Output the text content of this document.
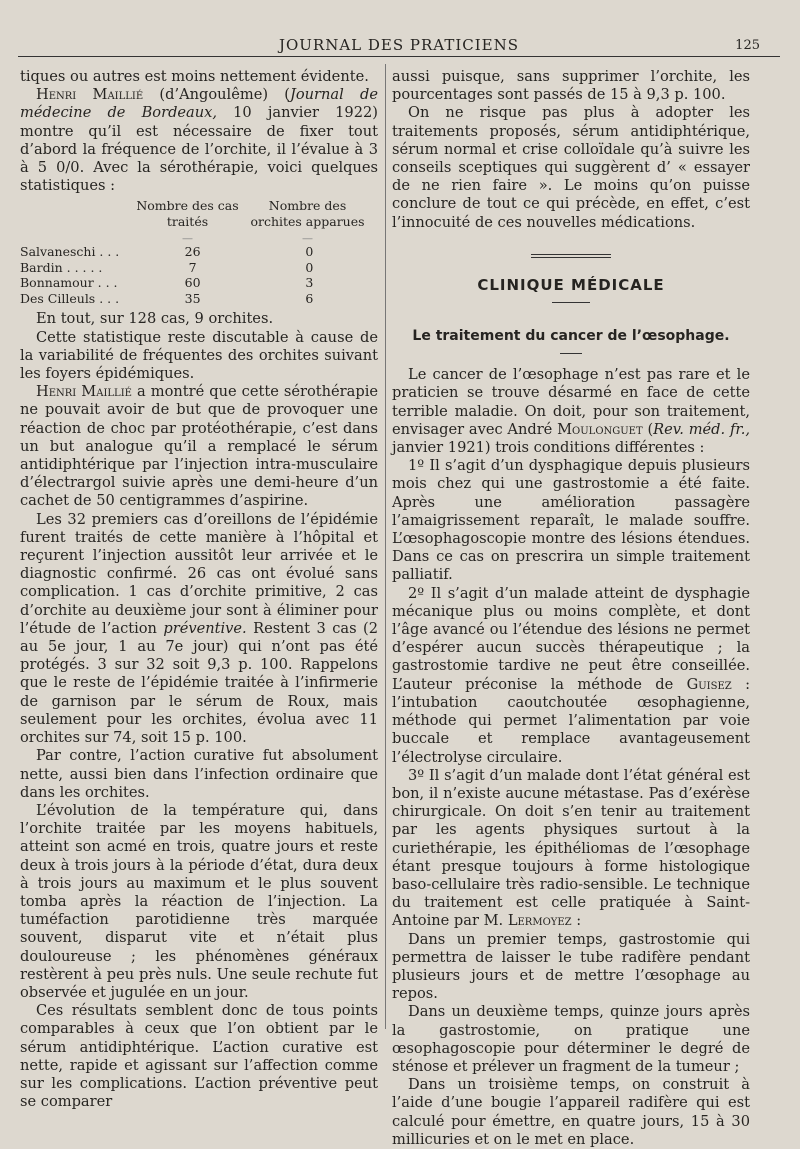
JOURNAL DES PRATICIENS	125

tiques ou autres est moins nettement évidente.

Henri Maillié (d’Angoulême) (Journal de médecine de Bordeaux, 10 janvier 1922) montre qu’il est nécessaire de fixer tout d’abord la fréquence de l’orchite, il l’évalue à 3 à 5 0/0. Avec la sérothérapie, voici quelques statistiques :

Nombre des cas traités
Nombre des orchites apparues
—	—
Salvaneschi . . .	26	0
Bardin . . . . .	7	0
Bonnamour . . .	60	3
Des Cilleuls . . .	35	6

En tout, sur 128 cas, 9 orchites.

Cette statistique reste discutable à cause de la variabilité de fréquentes des orchites suivant les foyers épidémiques.

Henri Maillié a montré que cette sérothérapie ne pouvait avoir de but que de provoquer une réaction de choc par protéothérapie, c’est dans un but analogue qu’il a remplacé le sérum antidiphtérique par l’injection intra-musculaire d’électrargol suivie après une demi-heure d’un cachet de 50 centigrammes d’aspirine.

Les 32 premiers cas d’oreillons de l’épidémie furent traités de cette manière à l’hôpital et reçurent l’injection aussitôt leur arrivée et le diagnostic confirmé. 26 cas ont évolué sans complication. 1 cas d’orchite primitive, 2 cas d’orchite au deuxième jour sont à éliminer pour l’étude de l’action préventive. Restent 3 cas (2 au 5e jour, 1 au 7e jour) qui n’ont pas été protégés. 3 sur 32 soit 9,3 p. 100. Rappelons que le reste de l’épidémie traitée à l’infirmerie de garnison par le sérum de Roux, mais seulement pour les orchites, évolua avec 11 orchites sur 74, soit 15 p. 100.

Par contre, l’action curative fut absolument nette, aussi bien dans l’infection ordinaire que dans les orchites.

L’évolution de la température qui, dans l’orchite traitée par les moyens habituels, atteint son acmé en trois, quatre jours et reste deux à trois jours à la période d’état, dura deux à trois jours au maximum et le plus souvent tomba après la réaction de l’injection. La tuméfaction parotidienne très marquée souvent, disparut vite et n’était plus douloureuse ; les phénomènes généraux restèrent à peu près nuls. Une seule rechute fut observée et jugulée en un jour.

Ces résultats semblent donc de tous points comparables à ceux que l’on obtient par le sérum antidiphtérique. L’action curative est nette, rapide et agissant sur l’affection comme sur les complications. L’action préventive peut se comparer

aussi puisque, sans supprimer l’orchite, les pourcentages sont passés de 15 à 9,3 p. 100.

On ne risque pas plus à adopter les traitements proposés, sérum antidiphtérique, sérum normal et crise colloïdale qu’à suivre les conseils sceptiques qui suggèrent d’ « essayer de ne rien faire ». Le moins qu’on puisse conclure de tout ce qui précède, en effet, c’est l’innocuité de ces nouvelles médications.

CLINIQUE MÉDICALE
Le traitement du cancer de l’œsophage.

Le cancer de l’œsophage n’est pas rare et le praticien se trouve désarmé en face de cette terrible maladie. On doit, pour son traitement, envisager avec André Moulonguet (Rev. méd. fr., janvier 1921) trois conditions différentes :

1º Il s’agit d’un dysphagique depuis plusieurs mois chez qui une gastrostomie a été faite. Après une amélioration passagère l’amaigrissement reparaît, le malade souffre. L’œsophagoscopie montre des lésions étendues. Dans ce cas on prescrira un simple traitement palliatif.

2º Il s’agit d’un malade atteint de dysphagie mécanique plus ou moins complète, et dont l’âge avancé ou l’étendue des lésions ne permet d’espérer aucun succès thérapeutique ; la gastrostomie tardive ne peut être conseillée. L’auteur préconise la méthode de Guisez : l’intubation caoutchoutée œsophagienne, méthode qui permet l’alimentation par voie buccale et remplace avantageusement l’électrolyse circulaire.

3º Il s’agit d’un malade dont l’état général est bon, il n’existe aucune métastase. Pas d’exérèse chirurgicale. On doit s’en tenir au traitement par les agents physiques surtout à la curiethérapie, les épithéliomas de l’œsophage étant presque toujours à forme histologique baso-cellulaire très radio-sensible. Le technique du traitement est celle pratiquée à Saint-Antoine par M. Lermoyez :

Dans un premier temps, gastrostomie qui permettra de laisser le tube radifère pendant plusieurs jours et de mettre l’œsophage au repos.

Dans un deuxième temps, quinze jours après la gastrostomie, on pratique une œsophagoscopie pour déterminer le degré de sténose et prélever un fragment de la tumeur ;

Dans un troisième temps, on construit à l’aide d’une bougie l’appareil radifère qui est calculé pour émettre, en quatre jours, 15 à 30 millicuries et on le met en place.
